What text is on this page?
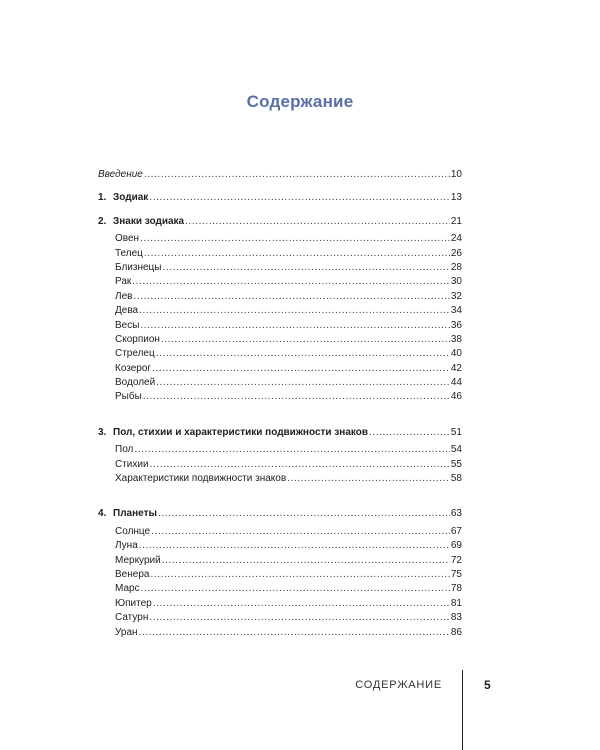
Содержание
Введение .....	10
1. Зодиак .....	13
2. Знаки зодиака .....	21
Овен .....	24
Телец .....	26
Близнецы .....	28
Рак .....	30
Лев .....	32
Дева .....	34
Весы .....	36
Скорпион .....	38
Стрелец .....	40
Козерог .....	42
Водолей .....	44
Рыбы .....	46
3. Пол, стихии и характеристики подвижности знаков .....	51
Пол .....	54
Стихии .....	55
Характеристики подвижности знаков .....	58
4. Планеты .....	63
Солнце .....	67
Луна .....	69
Меркурий .....	72
Венера .....	75
Марс .....	78
Юпитер .....	81
Сатурн .....	83
Уран .....	86
СОДЕРЖАНИЕ	5
